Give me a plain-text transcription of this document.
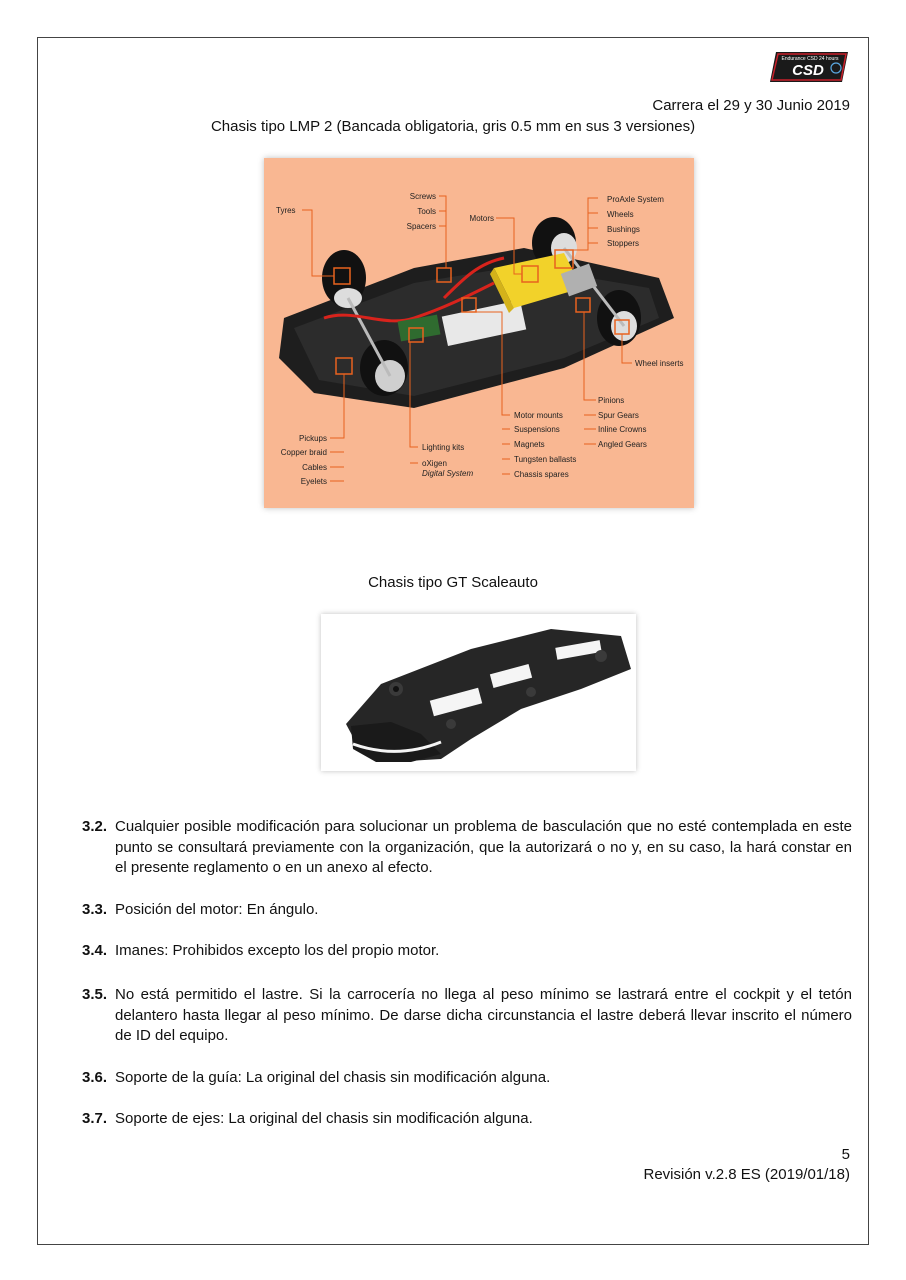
Endurance CSD 24 hours
CSD
Carrera el 29 y 30 Junio 2019
Chasis tipo LMP 2 (Bancada obligatoria, gris 0.5 mm en sus 3 versiones)
Tyres
Screws
Tools
Spacers
Motors
ProAxle System
Wheels
Bushings
Stoppers
Wheel inserts
Pinions
Spur Gears
Inline Crowns
Angled Gears
Motor mounts
Suspensions
Magnets
Tungsten ballasts
Chassis spares
Lighting kits
oXigen
Digital System
Pickups
Copper braid
Cables
Eyelets
Chasis tipo GT Scaleauto
3.2. Cualquier posible modificación para solucionar un problema de basculación que no esté contemplada en este punto se consultará previamente con la organización, que la autorizará o no y, en su caso, la hará constar en el presente reglamento o en un anexo al efecto.
3.3. Posición del motor: En ángulo.
3.4. Imanes: Prohibidos excepto los del propio motor.
3.5. No está permitido el lastre. Si la carrocería no llega al peso mínimo se lastrará entre el cockpit y el tetón delantero hasta llegar al peso mínimo. De darse dicha circunstancia el lastre deberá llevar inscrito el número de ID del equipo.
3.6. Soporte de la guía: La original del chasis sin modificación alguna.
3.7. Soporte de ejes: La original del chasis sin modificación alguna.
5
Revisión v.2.8 ES (2019/01/18)
